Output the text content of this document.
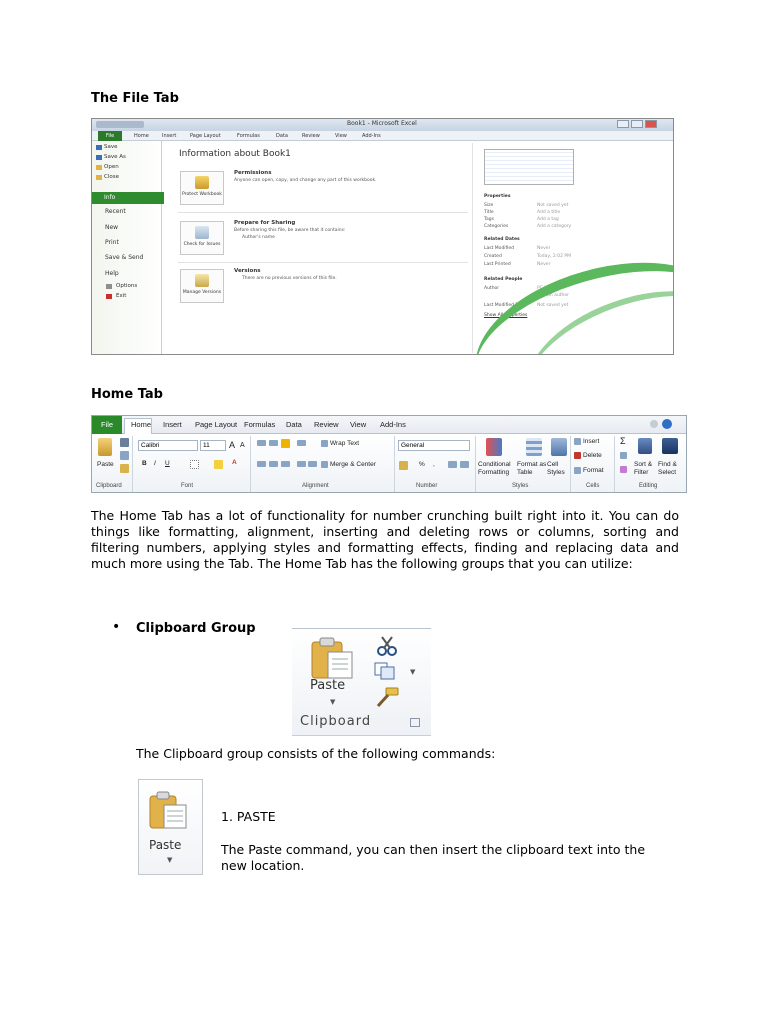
The File Tab
Book1 - Microsoft Excel
File	Home	Insert	Page Layout	Formulas	Data	Review	View	Add-Ins
Save
Save As
Open
Close
Info
Recent
New
Print
Save & Send
Help
Options
Exit
Information about Book1
Protect Workbook
Permissions
Anyone can open, copy, and change any part of this workbook.
Check for Issues
Prepare for Sharing
Before sharing this file, be aware that it contains:
Author's name
Manage Versions
Versions
There are no previous versions of this file.
Properties
Size	Not saved yet
Title	Add a title
Tags	Add a tag
Categories	Add a category
Related Dates
Last Modified	Never
Created	Today, 2:02 PM
Last Printed	Never
Related People
Author	PC User
Add an author
Last Modified By	Not saved yet
Show All Properties
Home Tab
File	Home Insert Page Layout Formulas Data Review View Add-Ins
Paste
Calibri	11	A A
B I U	A
Font
Wrap Text
Merge & Center
Alignment
General
% ,
Number
Conditional Formatting
Format as Table
Cell Styles
Styles
Insert
Delete
Format
Cells
Σ
Sort & Filter
Find & Select
Editing
Clipboard
The Home Tab has a lot of functionality for number crunching built right into it. You can do things like formatting, alignment, inserting and deleting rows or columns, sorting and filtering numbers, applying styles and formatting effects, finding and replacing data and much more using the Tab. The Home Tab has the following groups that you can utilize:
• Clipboard Group
Paste
▼
▼
Clipboard
The Clipboard group consists of the following commands:
Paste
▼
1. PASTE
The Paste command, you can then insert the clipboard text into the new location.
